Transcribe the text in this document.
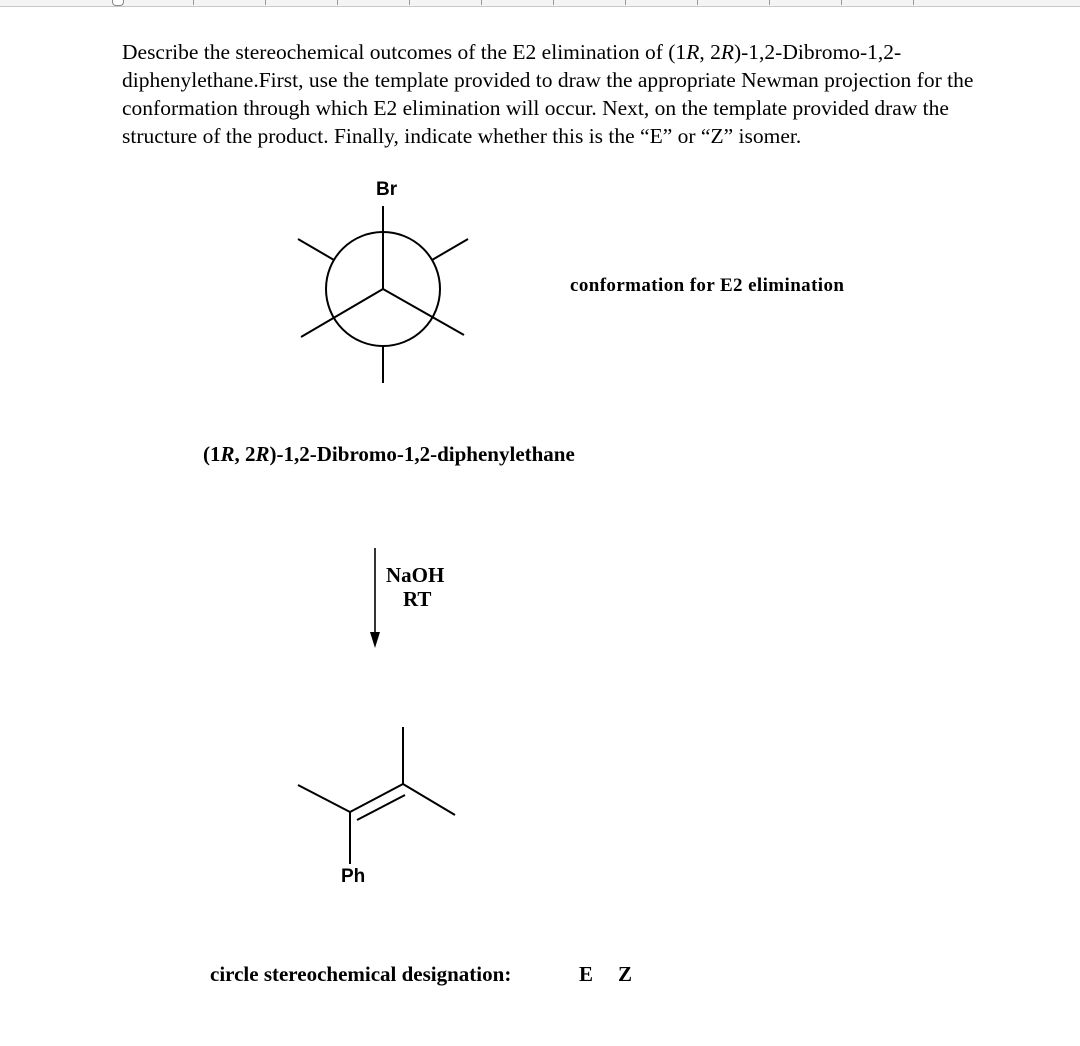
Describe the stereochemical outcomes of the E2 elimination of (1R, 2R)-1,2-Dibromo-1,2-diphenylethane.First, use the template provided to draw the appropriate Newman projection for the conformation through which E2 elimination will occur. Next, on the template provided draw the structure of the product. Finally, indicate whether this is the “E” or “Z” isomer.

Br
conformation for E2 elimination
(1R, 2R)-1,2-Dibromo-1,2-diphenylethane
NaOH
RT
Ph
circle stereochemical designation:	E Z
